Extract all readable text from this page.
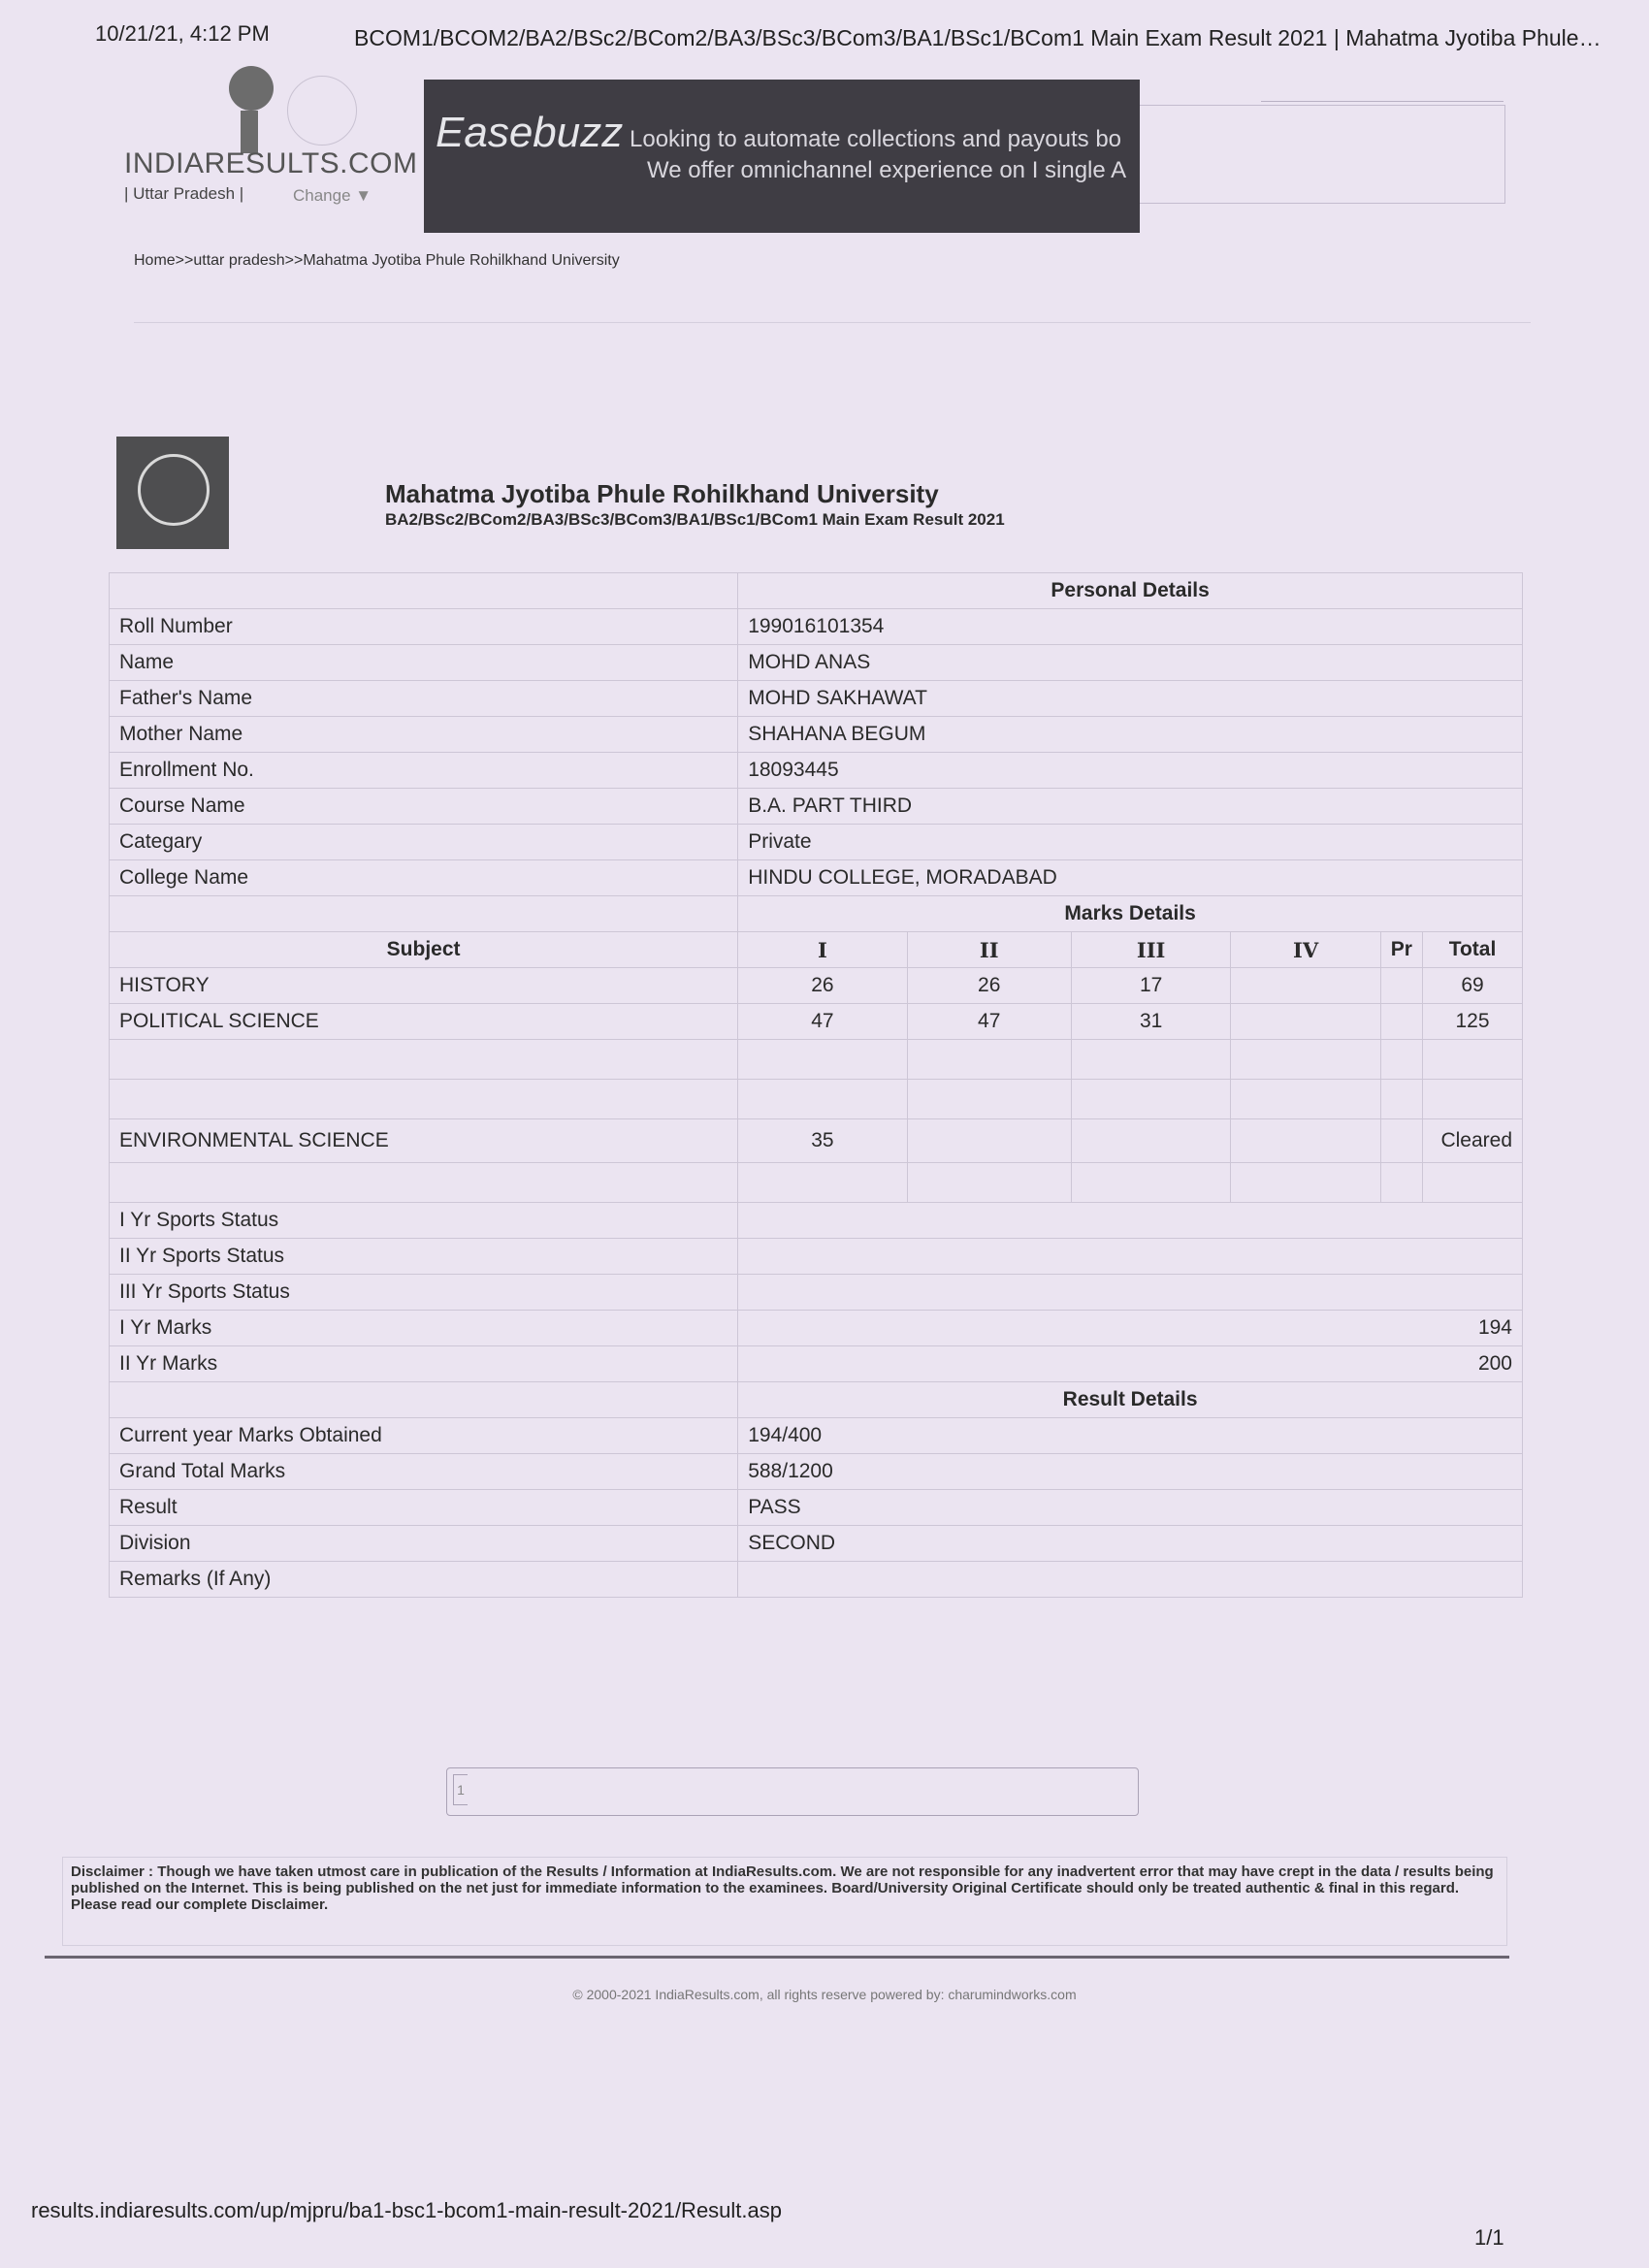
10/21/21, 4:12 PM	BCOM1/BCOM2/BA2/BSc2/BCom2/BA3/BSc3/BCom3/BA1/BSc1/BCom1 Main Exam Result 2021 | Mahatma Jyotiba Phule…
INDIARESULTS.COM
| Uttar Pradesh |	Change ▼
Easebuzz Looking to automate collections and payouts bo
We offer omnichannel experience on I single A
Home>>uttar pradesh>>Mahatma Jyotiba Phule Rohilkhand University
Mahatma Jyotiba Phule Rohilkhand University
BA2/BSc2/BCom2/BA3/BSc3/BCom3/BA1/BSc1/BCom1 Main Exam Result 2021
	Personal Details					
Roll Number	199016101354					
Name	MOHD ANAS					
Father's Name	MOHD SAKHAWAT					
Mother Name	SHAHANA BEGUM					
Enrollment No.	18093445					
Course Name	B.A. PART THIRD					
Categary	Private					
College Name	HINDU COLLEGE, MORADABAD					
	Marks Details					
Subject	I	II	III	IV	Pr	Total
HISTORY	26	26	17			69
POLITICAL SCIENCE	47	47	31			125

ENVIRONMENTAL SCIENCE	35					Cleared

I Yr Sports Status						
II Yr Sports Status						
III Yr Sports Status						
I Yr Marks	194					
II Yr Marks	200					
	Result Details					
Current year Marks Obtained	194/400					
Grand Total Marks	588/1200					
Result	PASS					
Division	SECOND					
Remarks (If Any)						
1
Disclaimer : Though we have taken utmost care in publication of the Results / Information at IndiaResults.com. We are not responsible for any inadvertent error that may have crept in the data / results being published on the Internet. This is being published on the net just for immediate information to the examinees. Board/University Original Certificate should only be treated authentic & final in this regard. Please read our complete Disclaimer.
© 2000-2021 IndiaResults.com, all rights reserve powered by: charumindworks.com
results.indiaresults.com/up/mjpru/ba1-bsc1-bcom1-main-result-2021/Result.asp
1/1
